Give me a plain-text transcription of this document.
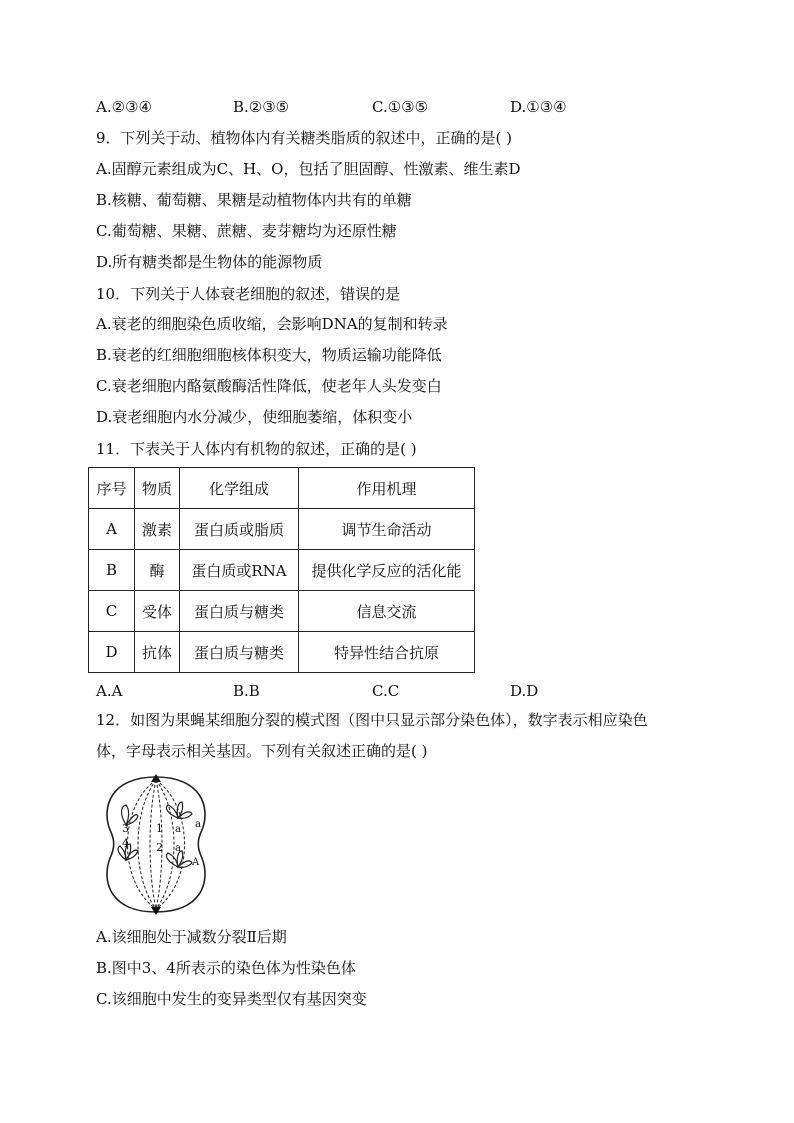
A.②③④	B.②③⑤	C.①③⑤	D.①③④
9．下列关于动、植物体内有关糖类脂质的叙述中，正确的是( )
A.固醇元素组成为C、H、O，包括了胆固醇、性激素、维生素D
B.核糖、葡萄糖、果糖是动植物体内共有的单糖
C.葡萄糖、果糖、蔗糖、麦芽糖均为还原性糖
D.所有糖类都是生物体的能源物质
10．下列关于人体衰老细胞的叙述，错误的是
A.衰老的细胞染色质收缩，会影响DNA的复制和转录
B.衰老的红细胞细胞核体积变大，物质运输功能降低
C.衰老细胞内酪氨酸酶活性降低，使老年人头发变白
D.衰老细胞内水分减少，使细胞萎缩，体积变小
11．下表关于人体内有机物的叙述，正确的是( )
序号	物质	化学组成	作用机理
A	激素	蛋白质或脂质	调节生命活动
B	酶	蛋白质或RNA	提供化学反应的活化能
C	受体	蛋白质与糖类	信息交流
D	抗体	蛋白质与糖类	特异性结合抗原
A.A	B.B	C.C	D.D
12．如图为果蝇某细胞分裂的模式图（图中只显示部分染色体），数字表示相应染色
体，字母表示相关基因。下列有关叙述正确的是( )
3
4
1
2
a a
a
A
A.该细胞处于减数分裂Ⅱ后期
B.图中3、4所表示的染色体为性染色体
C.该细胞中发生的变异类型仅有基因突变
